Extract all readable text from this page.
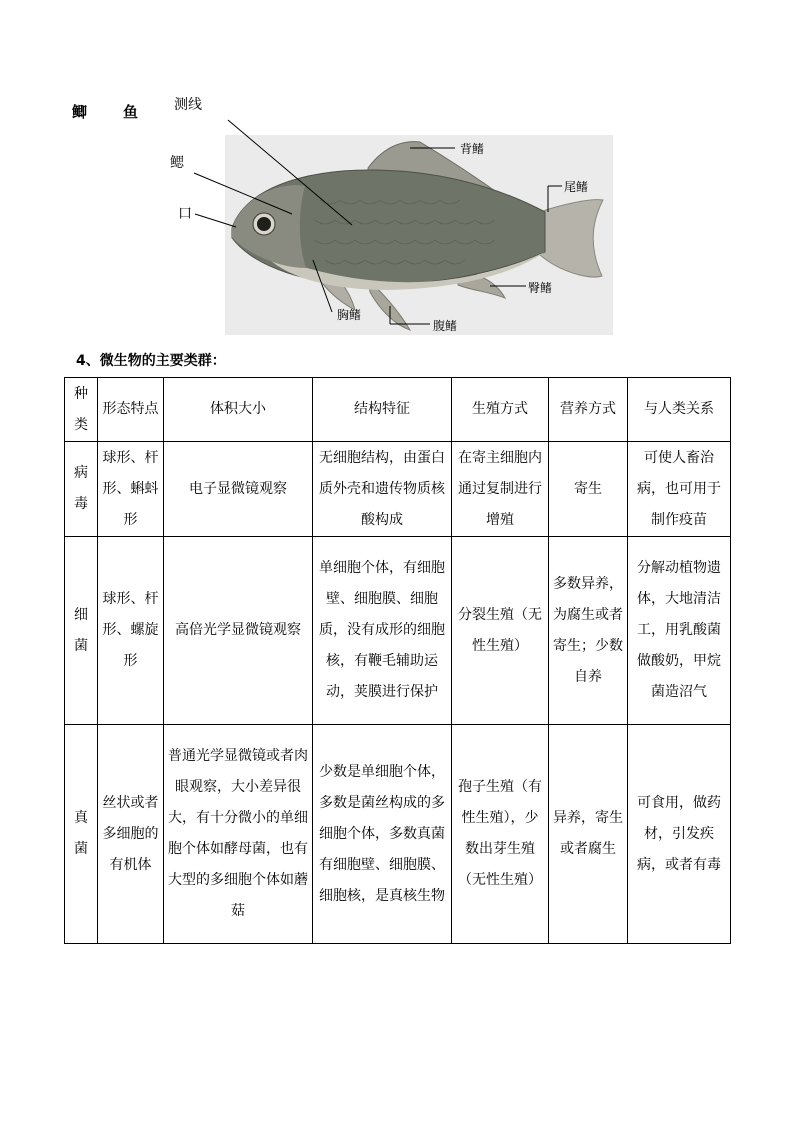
鲫 鱼	测线
鳃
口
背鳍
尾鳍
臀鳍
胸鳍
腹鳍
4、微生物的主要类群：
种类	形态特点	体积大小	结构特征	生殖方式	营养方式	与人类关系
病毒	球形、杆形、蝌蚪形	电子显微镜观察	无细胞结构，由蛋白质外壳和遗传物质核酸构成	在寄主细胞内通过复制进行增殖	寄生	可使人畜治病，也可用于制作疫苗
细菌	球形、杆形、螺旋形	高倍光学显微镜观察	单细胞个体，有细胞壁、细胞膜、细胞质，没有成形的细胞核，有鞭毛辅助运动，荚膜进行保护	分裂生殖（无性生殖）	多数异养，为腐生或者寄生；少数自养	分解动植物遗体，大地清洁工，用乳酸菌做酸奶，甲烷菌造沼气
真菌	丝状或者多细胞的有机体	普通光学显微镜或者肉眼观察，大小差异很大，有十分微小的单细胞个体如酵母菌，也有大型的多细胞个体如蘑菇	少数是单细胞个体，多数是菌丝构成的多细胞个体，多数真菌有细胞壁、细胞膜、细胞核，是真核生物	孢子生殖（有性生殖），少数出芽生殖（无性生殖）	异养，寄生或者腐生	可食用，做药材，引发疾病，或者有毒
